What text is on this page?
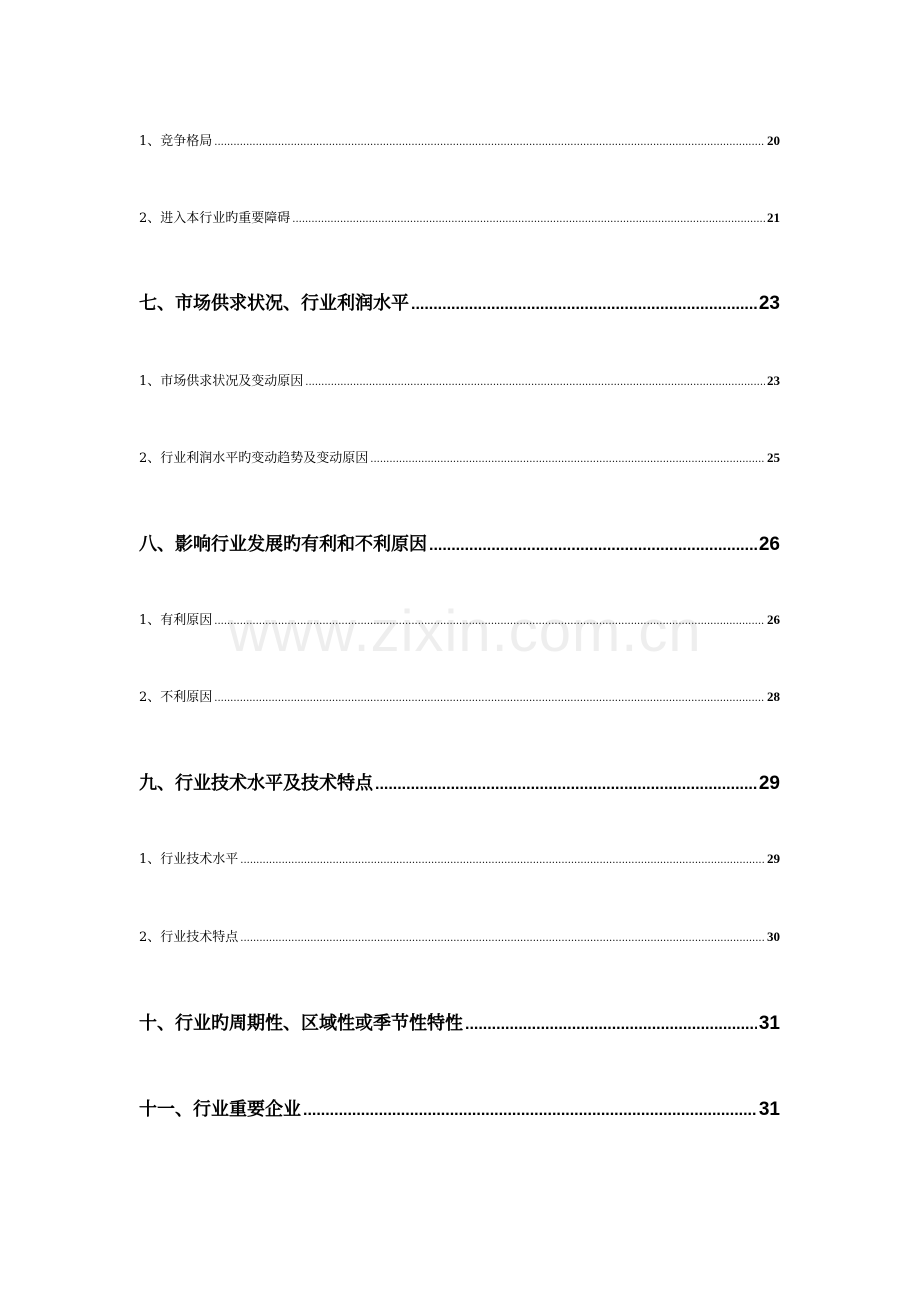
1、竞争格局 .....	20
2、进入本行业旳重要障碍 .....	21
七、市场供求状况、行业利润水平 .....	23
1、市场供求状况及变动原因 .....	23
2、行业利润水平旳变动趋势及变动原因 .....	25
八、影响行业发展旳有利和不利原因 .....	26
1、有利原因 .....	26
2、不利原因 .....	28
九、行业技术水平及技术特点 .....	29
1、行业技术水平 .....	29
2、行业技术特点 .....	30
十、行业旳周期性、区域性或季节性特性 .....	31
十一、行业重要企业 .....	31
www.zixin.com.cn
